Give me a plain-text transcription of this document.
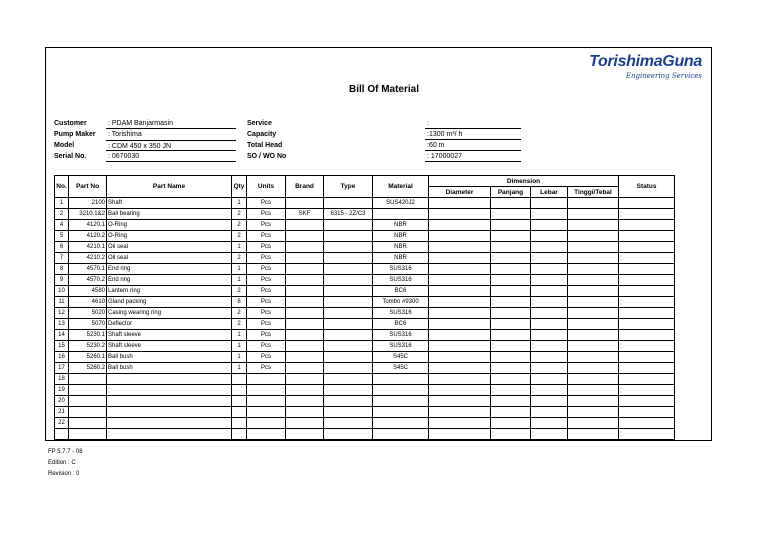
TorishimaGuna
Engineering Services
Bill Of Material
Customer	: PDAM Banjarmasin
Pump Maker : Torishima
Model	: CDM 450 x 350 JN
Serial No.	: 0670030
Service	:
Capacity	:1300 m³/ h
Total Head	:60 m
SO / WO No	: 17000027
No.	Part No	Part Name	Qty	Units	Brand	Type	Material	Dimension				Status
								Diameter	Panjang	Lebar	Tinggi/Tebal	
1	2100	Shaft	1	Pcs			SUS420J2					
2	3210.1&2	Ball bearing	2	Pcs	SKF	6315 - 2Z/C3						
4	4120.1	O-Ring	2	Pcs			NBR					
5	4120.2	O-Ring	2	Pcs			NBR					
6	4210.1	Oil seal	1	Pcs			NBR					
7	4210.2	Oil seal	2	Pcs			NBR					
8	4570.1	End ring	1	Pcs			SUS316					
9	4570.2	End ring	1	Pcs			SUS316					
10	4580	Lantern ring	2	Pcs			BC6					
11	4610	Gland packing	8	Pcs			Tombo #9300					
12	5020	Casing wearing ring	2	Pcs			SUS316					
13	5070	Deflector	2	Pcs			BC6					
14	5230.1	Shaft sleeve	1	Pcs			SUS316					
15	5230.2	Shaft sleeve	1	Pcs			SUS316					
16	5260.1	Ball bush	1	Pcs			S45C					
17	5260.2	Ball bush	1	Pcs			S45C					
18												
19												
20												
21												
22												

FP 5.7.7 - 08
Edition : C
Revision : 0
